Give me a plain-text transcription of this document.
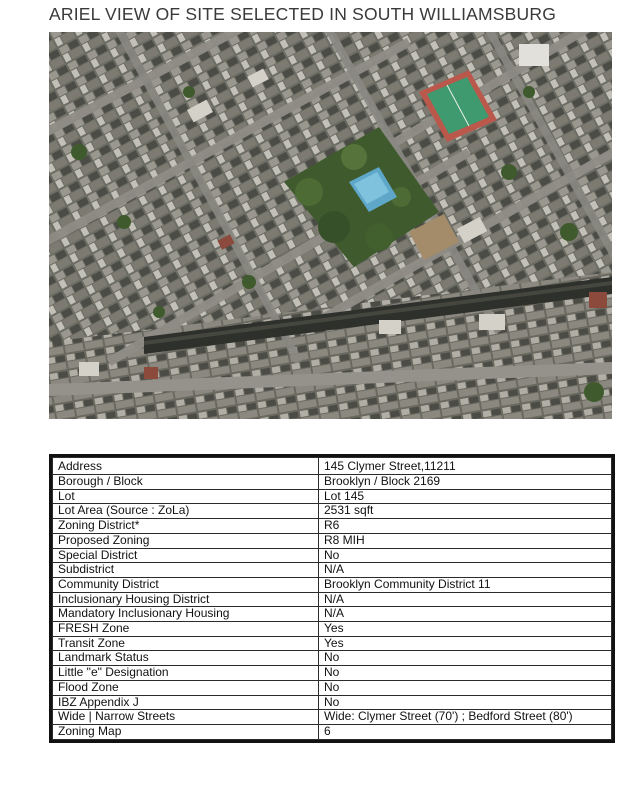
ARIEL VIEW OF SITE SELECTED IN SOUTH WILLIAMSBURG
Address	145 Clymer Street,11211
Borough / Block	Brooklyn / Block 2169
Lot	Lot 145
Lot Area (Source : ZoLa)	2531 sqft
Zoning District*	R6
Proposed Zoning	R8 MIH
Special District	No
Subdistrict	N/A
Community District	Brooklyn Community District 11
Inclusionary Housing District	N/A
Mandatory Inclusionary Housing	N/A
FRESH Zone	Yes
Transit Zone	Yes
Landmark Status	No
Little "e" Designation	No
Flood Zone	No
IBZ Appendix J	No
Wide | Narrow Streets	Wide: Clymer Street (70') ; Bedford Street (80')
Zoning Map	6
